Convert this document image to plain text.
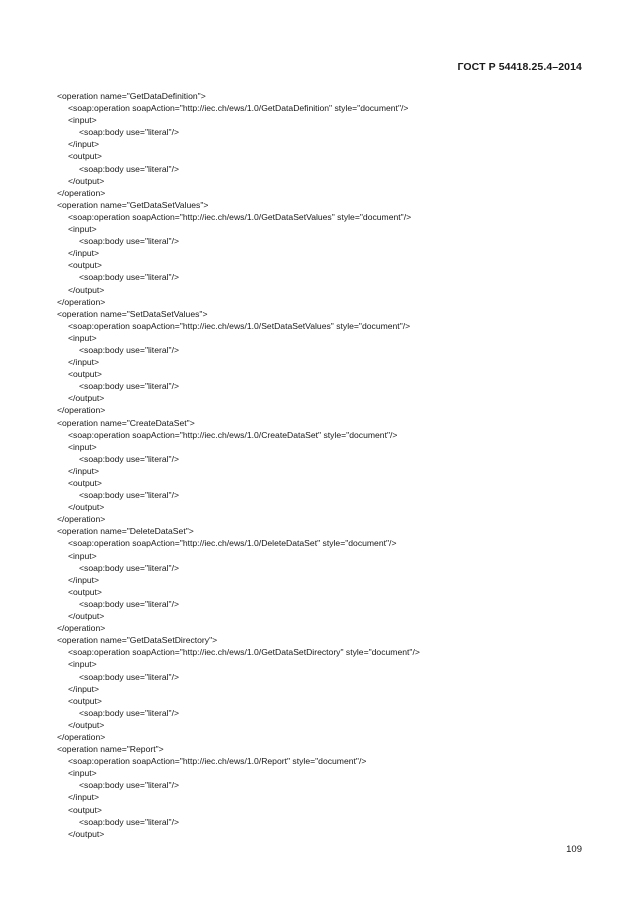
ГОСТ Р 54418.25.4–2014
<operation name="GetDataDefinition">
<soap:operation soapAction="http://iec.ch/ews/1.0/GetDataDefinition" style="document"/>
<input>
<soap:body use="literal"/>
</input>
<output>
<soap:body use="literal"/>
</output>
</operation>
<operation name="GetDataSetValues">
<soap:operation soapAction="http://iec.ch/ews/1.0/GetDataSetValues" style="document"/>
<input>
<soap:body use="literal"/>
</input>
<output>
<soap:body use="literal"/>
</output>
</operation>
<operation name="SetDataSetValues">
<soap:operation soapAction="http://iec.ch/ews/1.0/SetDataSetValues" style="document"/>
<input>
<soap:body use="literal"/>
</input>
<output>
<soap:body use="literal"/>
</output>
</operation>
<operation name="CreateDataSet">
<soap:operation soapAction="http://iec.ch/ews/1.0/CreateDataSet" style="document"/>
<input>
<soap:body use="literal"/>
</input>
<output>
<soap:body use="literal"/>
</output>
</operation>
<operation name="DeleteDataSet">
<soap:operation soapAction="http://iec.ch/ews/1.0/DeleteDataSet" style="document"/>
<input>
<soap:body use="literal"/>
</input>
<output>
<soap:body use="literal"/>
</output>
</operation>
<operation name="GetDataSetDirectory">
<soap:operation soapAction="http://iec.ch/ews/1.0/GetDataSetDirectory" style="document"/>
<input>
<soap:body use="literal"/>
</input>
<output>
<soap:body use="literal"/>
</output>
</operation>
<operation name="Report">
<soap:operation soapAction="http://iec.ch/ews/1.0/Report" style="document"/>
<input>
<soap:body use="literal"/>
</input>
<output>
<soap:body use="literal"/>
</output>
109
